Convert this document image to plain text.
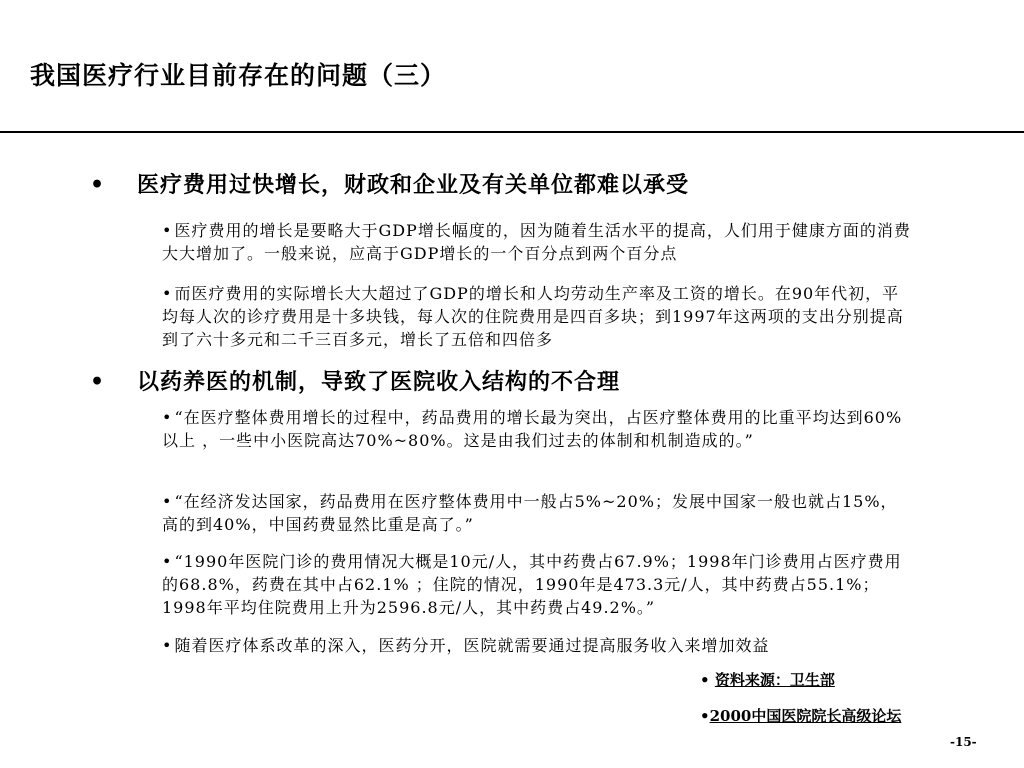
我国医疗行业目前存在的问题（三）
• 医疗费用过快增长，财政和企业及有关单位都难以承受
• 医疗费用的增长是要略大于GDP增长幅度的，因为随着生活水平的提高，人们用于健康方面的消费大大增加了。一般来说，应高于GDP增长的一个百分点到两个百分点
• 而医疗费用的实际增长大大超过了GDP的增长和人均劳动生产率及工资的增长。在90年代初，平均每人次的诊疗费用是十多块钱，每人次的住院费用是四百多块；到1997年这两项的支出分别提高到了六十多元和二千三百多元，增长了五倍和四倍多
• 以药养医的机制，导致了医院收入结构的不合理
• “在医疗整体费用增长的过程中，药品费用的增长最为突出，占医疗整体费用的比重平均达到60%以上 ，一些中小医院高达70%~80%。这是由我们过去的体制和机制造成的。”
• “在经济发达国家，药品费用在医疗整体费用中一般占5%~20%；发展中国家一般也就占15%，高的到40%，中国药费显然比重是高了。”
• “1990年医院门诊的费用情况大概是10元/人，其中药费占67.9%；1998年门诊费用占医疗费用的68.8%，药费在其中占62.1% ；住院的情况，1990年是473.3元/人，其中药费占55.1%；1998年平均住院费用上升为2596.8元/人，其中药费占49.2%。”
• 随着医疗体系改革的深入，医药分开，医院就需要通过提高服务收入来增加效益
• 资料来源：卫生部
•2000中国医院院长高级论坛
-15-
